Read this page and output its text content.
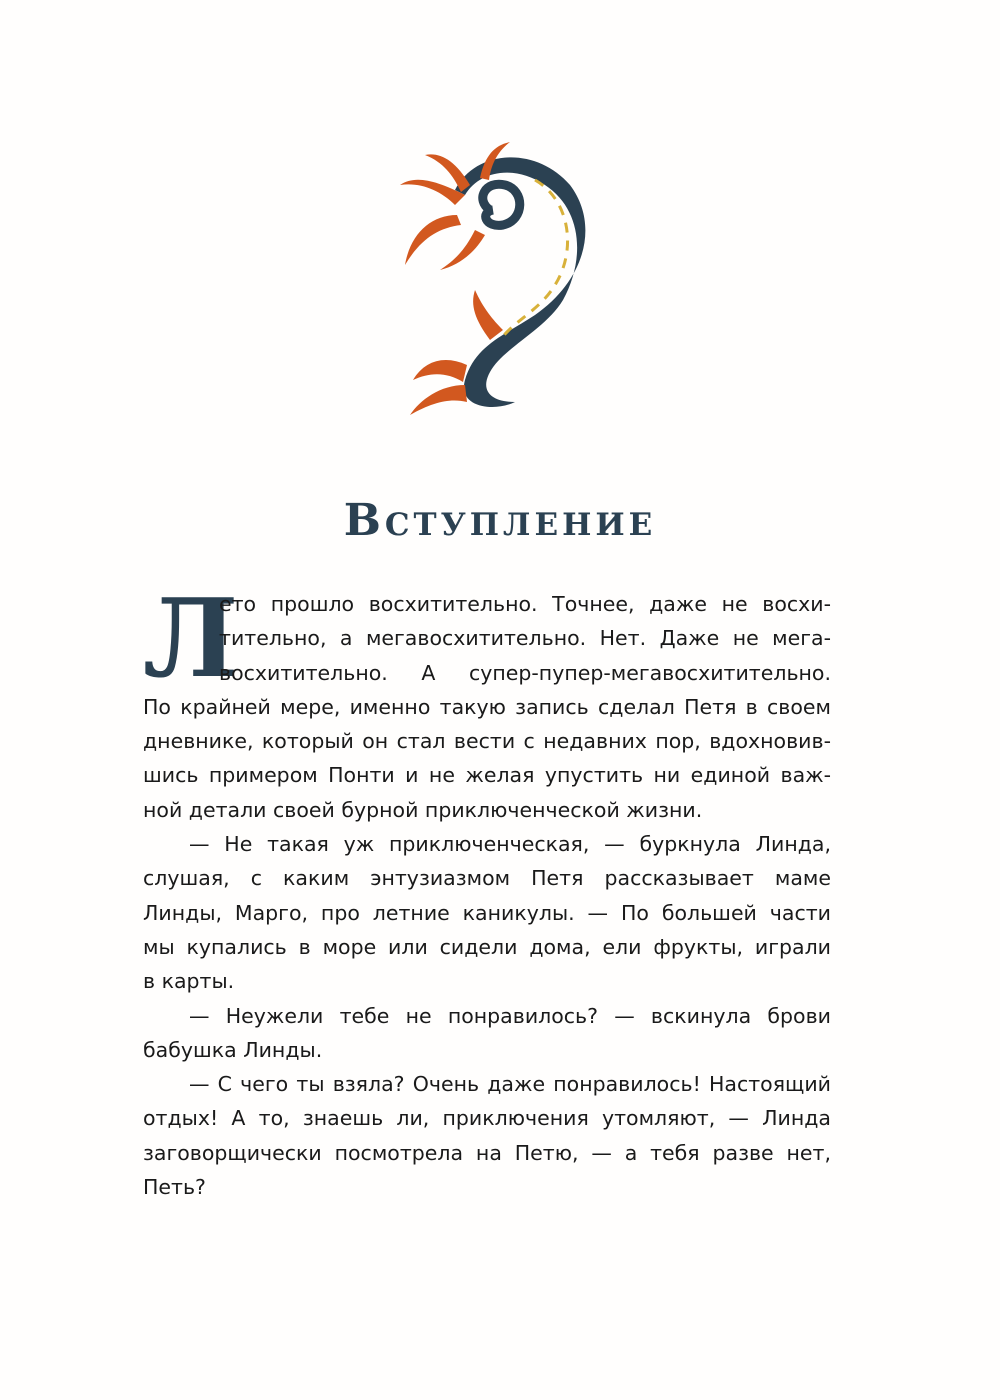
Вступление
Л
ето прошло восхитительно. Точнее, даже не восхи-
тительно, а мегавосхитительно. Нет. Даже не мега-
восхитительно. А супер-пупер-мегавосхитительно.
По крайней мере, именно такую запись сделал Петя в своем
дневнике, который он стал вести с недавних пор, вдохновив-
шись примером Понти и не желая упустить ни единой важ-
ной детали своей бурной приключенческой жизни.
— Не такая уж приключенческая, — буркнула Линда,
слушая, с каким энтузиазмом Петя рассказывает маме
Линды, Марго, про летние каникулы. — По большей части
мы купались в море или сидели дома, ели фрукты, играли
в карты.
— Неужели тебе не понравилось? — вскинула брови
бабушка Линды.
— С чего ты взяла? Очень даже понравилось! Настоящий
отдых! А то, знаешь ли, приключения утомляют, — Линда
заговорщически посмотрела на Петю, — а тебя разве нет,
Петь?
